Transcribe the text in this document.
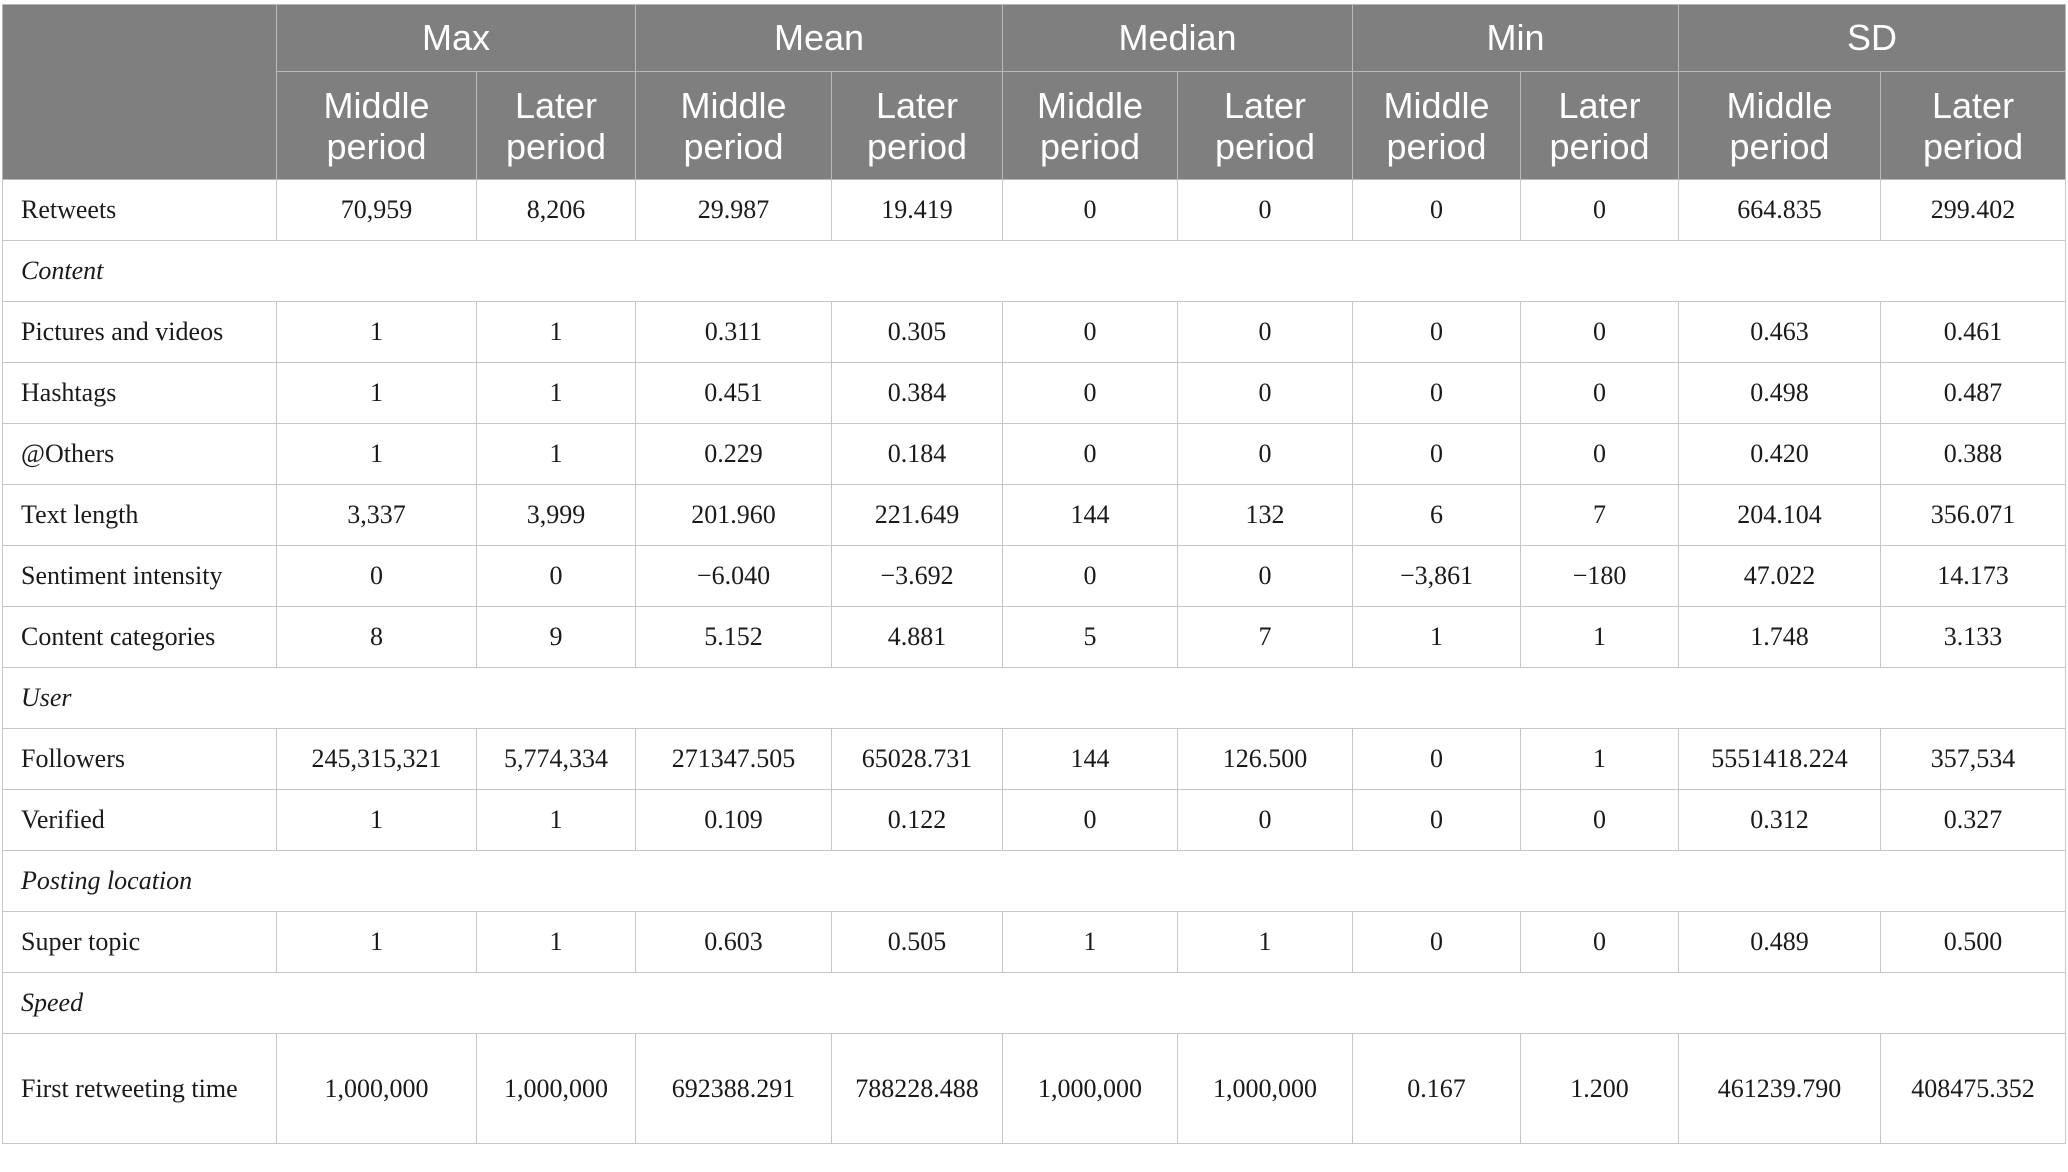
	Max		Mean		Median		Min		SD	
	Middle period	Later period	Middle period	Later period	Middle period	Later period	Middle period	Later period	Middle period	Later period
Retweets	70,959	8,206	29.987	19.419	0	0	0	0	664.835	299.402
Content										
Pictures and videos	1	1	0.311	0.305	0	0	0	0	0.463	0.461
Hashtags	1	1	0.451	0.384	0	0	0	0	0.498	0.487
@Others	1	1	0.229	0.184	0	0	0	0	0.420	0.388
Text length	3,337	3,999	201.960	221.649	144	132	6	7	204.104	356.071
Sentiment intensity	0	0	−6.040	−3.692	0	0	−3,861	−180	47.022	14.173
Content categories	8	9	5.152	4.881	5	7	1	1	1.748	3.133
User										
Followers	245,315,321	5,774,334	271347.505	65028.731	144	126.500	0	1	5551418.224	357,534
Verified	1	1	0.109	0.122	0	0	0	0	0.312	0.327
Posting location										
Super topic	1	1	0.603	0.505	1	1	0	0	0.489	0.500
Speed										
First retweeting time	1,000,000	1,000,000	692388.291	788228.488	1,000,000	1,000,000	0.167	1.200	461239.790	408475.352
